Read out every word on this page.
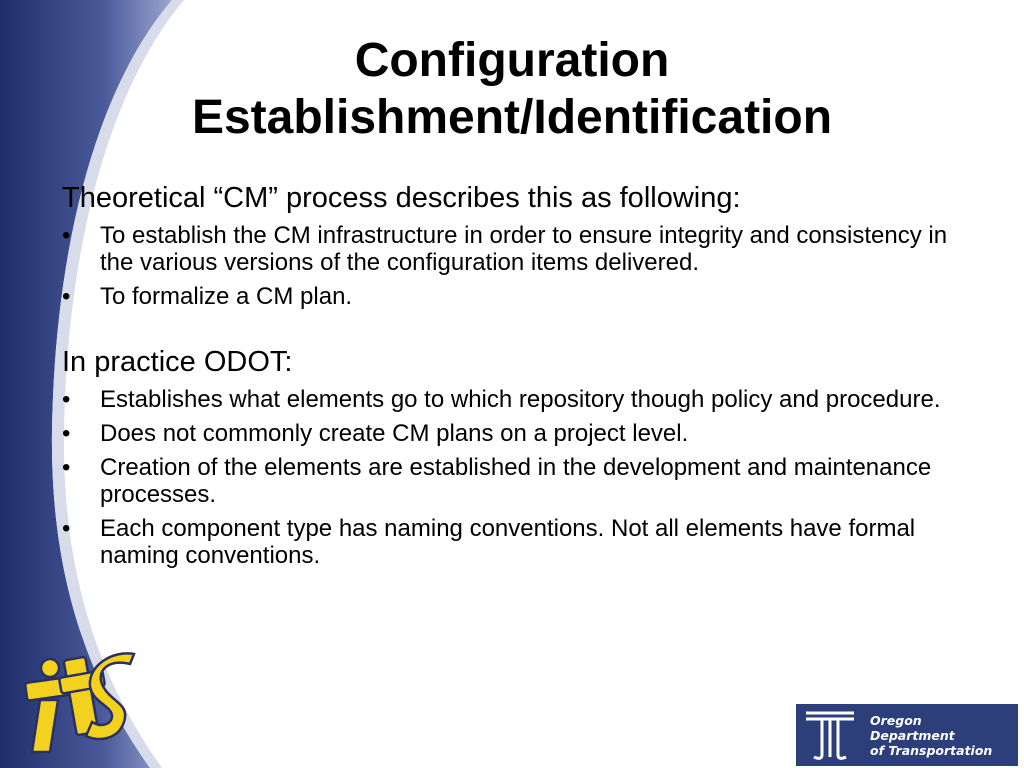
Configuration
Establishment/Identification

Theoretical “CM” process describes this as following:

•	To establish the CM infrastructure in order to ensure integrity and consistency in the various versions of the configuration items delivered.
•	To formalize a CM plan.

In practice ODOT:

•	Establishes what elements go to which repository though policy and procedure.
•	Does not commonly create CM plans on a project level.
•	Creation of the elements are established in the development and maintenance processes.
•	Each component type has naming conventions. Not all elements have formal naming conventions.
Oregon
Department
of Transportation
